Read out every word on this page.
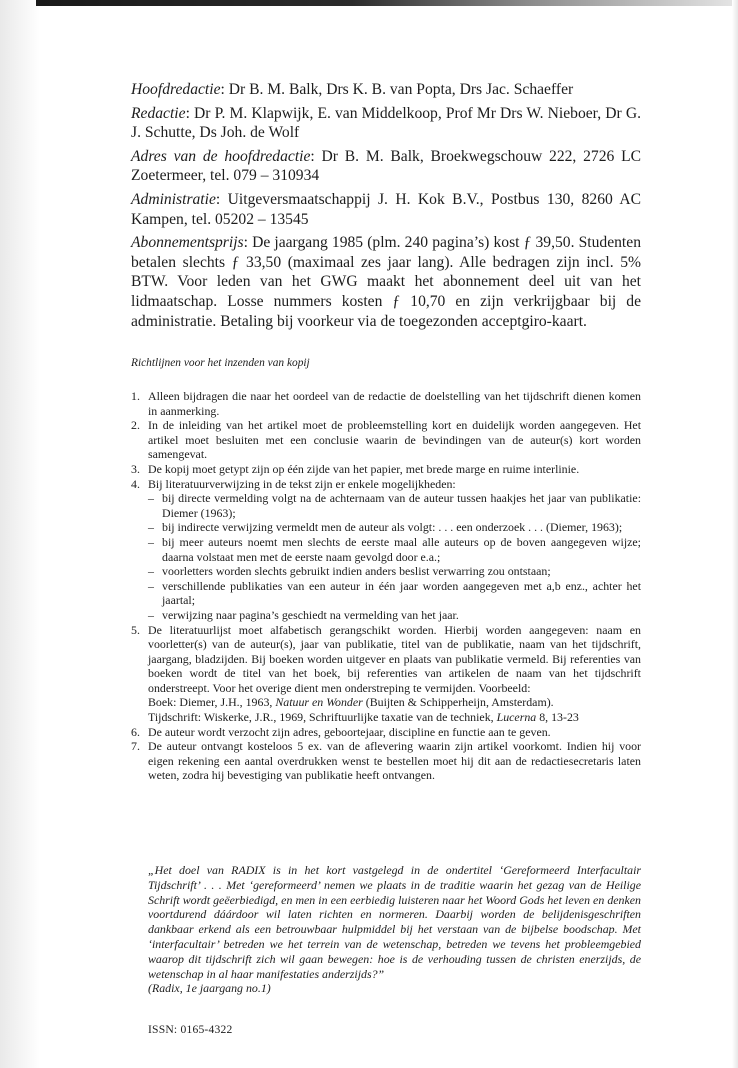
Hoofdredactie: Dr B. M. Balk, Drs K. B. van Popta, Drs Jac. Schaeffer

Redactie: Dr P. M. Klapwijk, E. van Middelkoop, Prof Mr Drs W. Nieboer, Dr G. J. Schutte, Ds Joh. de Wolf

Adres van de hoofdredactie: Dr B. M. Balk, Broekwegschouw 222, 2726 LC Zoetermeer, tel. 079 – 310934

Administratie: Uitgeversmaatschappij J. H. Kok B.V., Postbus 130, 8260 AC Kampen, tel. 05202 – 13545

Abonnementsprijs: De jaargang 1985 (plm. 240 pagina’s) kost ƒ 39,50. Studenten betalen slechts ƒ 33,50 (maximaal zes jaar lang). Alle bedragen zijn incl. 5% BTW. Voor leden van het GWG maakt het abonnement deel uit van het lidmaatschap. Losse nummers kosten ƒ 10,70 en zijn verkrijgbaar bij de administratie. Betaling bij voorkeur via de toegezonden acceptgiro-kaart.

Richtlijnen voor het inzenden van kopij
1. Alleen bijdragen die naar het oordeel van de redactie de doelstelling van het tijdschrift dienen komen in aanmerking.
2. In de inleiding van het artikel moet de probleemstelling kort en duidelijk worden aangegeven. Het artikel moet besluiten met een conclusie waarin de bevindingen van de auteur(s) kort worden samengevat.
3. De kopij moet getypt zijn op één zijde van het papier, met brede marge en ruime interlinie.
4. Bij literatuurverwijzing in de tekst zijn er enkele mogelijkheden:
– bij directe vermelding volgt na de achternaam van de auteur tussen haakjes het jaar van publikatie: Diemer (1963);
– bij indirecte verwijzing vermeldt men de auteur als volgt: . . . een onderzoek . . . (Diemer, 1963);
– bij meer auteurs noemt men slechts de eerste maal alle auteurs op de boven aangegeven wijze; daarna volstaat men met de eerste naam gevolgd door e.a.;
– voorletters worden slechts gebruikt indien anders beslist verwarring zou ontstaan;
– verschillende publikaties van een auteur in één jaar worden aangegeven met a,b enz., achter het jaartal;
– verwijzing naar pagina’s geschiedt na vermelding van het jaar.
5. De literatuurlijst moet alfabetisch gerangschikt worden. Hierbij worden aangegeven: naam en voorletter(s) van de auteur(s), jaar van publikatie, titel van de publikatie, naam van het tijdschrift, jaargang, bladzijden. Bij boeken worden uitgever en plaats van publikatie vermeld. Bij referenties van boeken wordt de titel van het boek, bij referenties van artikelen de naam van het tijdschrift onderstreept. Voor het overige dient men onderstreping te vermijden. Voorbeeld:
Boek: Diemer, J.H., 1963, Natuur en Wonder (Buijten & Schipperheijn, Amsterdam).
Tijdschrift: Wiskerke, J.R., 1969, Schriftuurlijke taxatie van de techniek, Lucerna 8, 13-23
6. De auteur wordt verzocht zijn adres, geboortejaar, discipline en functie aan te geven.
7. De auteur ontvangt kosteloos 5 ex. van de aflevering waarin zijn artikel voorkomt. Indien hij voor eigen rekening een aantal overdrukken wenst te bestellen moet hij dit aan de redactiesecretaris laten weten, zodra hij bevestiging van publikatie heeft ontvangen.
„Het doel van RADIX is in het kort vastgelegd in de ondertitel ‘Gereformeerd Interfacultair Tijdschrift’ . . . Met ‘gereformeerd’ nemen we plaats in de traditie waarin het gezag van de Heilige Schrift wordt geëerbiedigd, en men in een eerbiedig luisteren naar het Woord Gods het leven en denken voortdurend dáárdoor wil laten richten en normeren. Daarbij worden de belijdenisgeschriften dankbaar erkend als een betrouwbaar hulpmiddel bij het verstaan van de bijbelse boodschap. Met ‘interfacultair’ betreden we het terrein van de wetenschap, betreden we tevens het probleemgebied waarop dit tijdschrift zich wil gaan bewegen: hoe is de verhouding tussen de christen enerzijds, de wetenschap in al haar manifestaties anderzijds?”
(Radix, 1e jaargang no.1)
ISSN: 0165-4322
